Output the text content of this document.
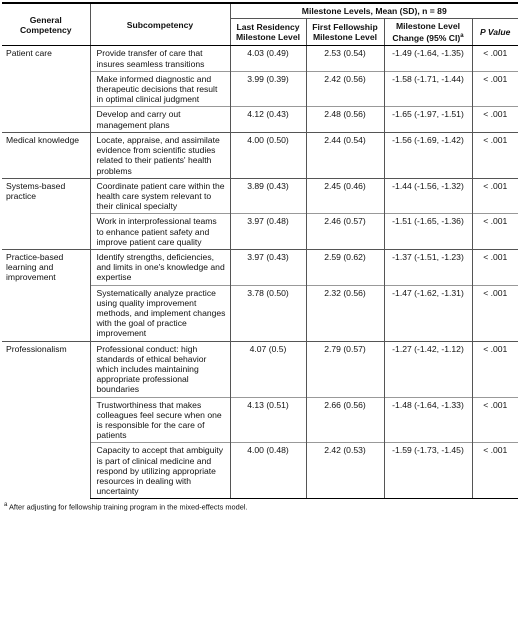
General Competency	Subcompetency	Milestone Levels, Mean (SD), n = 89			
		Last Residency Milestone Level	First Fellowship Milestone Level	Milestone Level Change (95% CI)$^a$	P Value
Patient care	Provide transfer of care that insures seamless transitions	4.03 (0.49)	2.53 (0.54)	-1.49 (-1.64, -1.35)	< .001
	Make informed diagnostic and therapeutic decisions that result in optimal clinical judgment	3.99 (0.39)	2.42 (0.56)	-1.58 (-1.71, -1.44)	< .001
	Develop and carry out management plans	4.12 (0.43)	2.48 (0.56)	-1.65 (-1.97, -1.51)	< .001
Medical knowledge	Locate, appraise, and assimilate evidence from scientific studies related to their patients' health problems	4.00 (0.50)	2.44 (0.54)	-1.56 (-1.69, -1.42)	< .001
Systems-based practice	Coordinate patient care within the health care system relevant to their clinical specialty	3.89 (0.43)	2.45 (0.46)	-1.44 (-1.56, -1.32)	< .001
	Work in interprofessional teams to enhance patient safety and improve patient care quality	3.97 (0.48)	2.46 (0.57)	-1.51 (-1.65, -1.36)	< .001
Practice-based learning and improvement	Identify strengths, deficiencies, and limits in one's knowledge and expertise	3.97 (0.43)	2.59 (0.62)	-1.37 (-1.51, -1.23)	< .001
	Systematically analyze practice using quality improvement methods, and implement changes with the goal of practice improvement	3.78 (0.50)	2.32 (0.56)	-1.47 (-1.62, -1.31)	< .001
Professionalism	Professional conduct: high standards of ethical behavior which includes maintaining appropriate professional boundaries	4.07 (0.5)	2.79 (0.57)	-1.27 (-1.42, -1.12)	< .001
	Trustworthiness that makes colleagues feel secure when one is responsible for the care of patients	4.13 (0.51)	2.66 (0.56)	-1.48 (-1.64, -1.33)	< .001
	Capacity to accept that ambiguity is part of clinical medicine and respond by utilizing appropriate resources in dealing with uncertainty	4.00 (0.48)	2.42 (0.53)	-1.59 (-1.73, -1.45)	< .001
$^a$ After adjusting for fellowship training program in the mixed-effects model.
